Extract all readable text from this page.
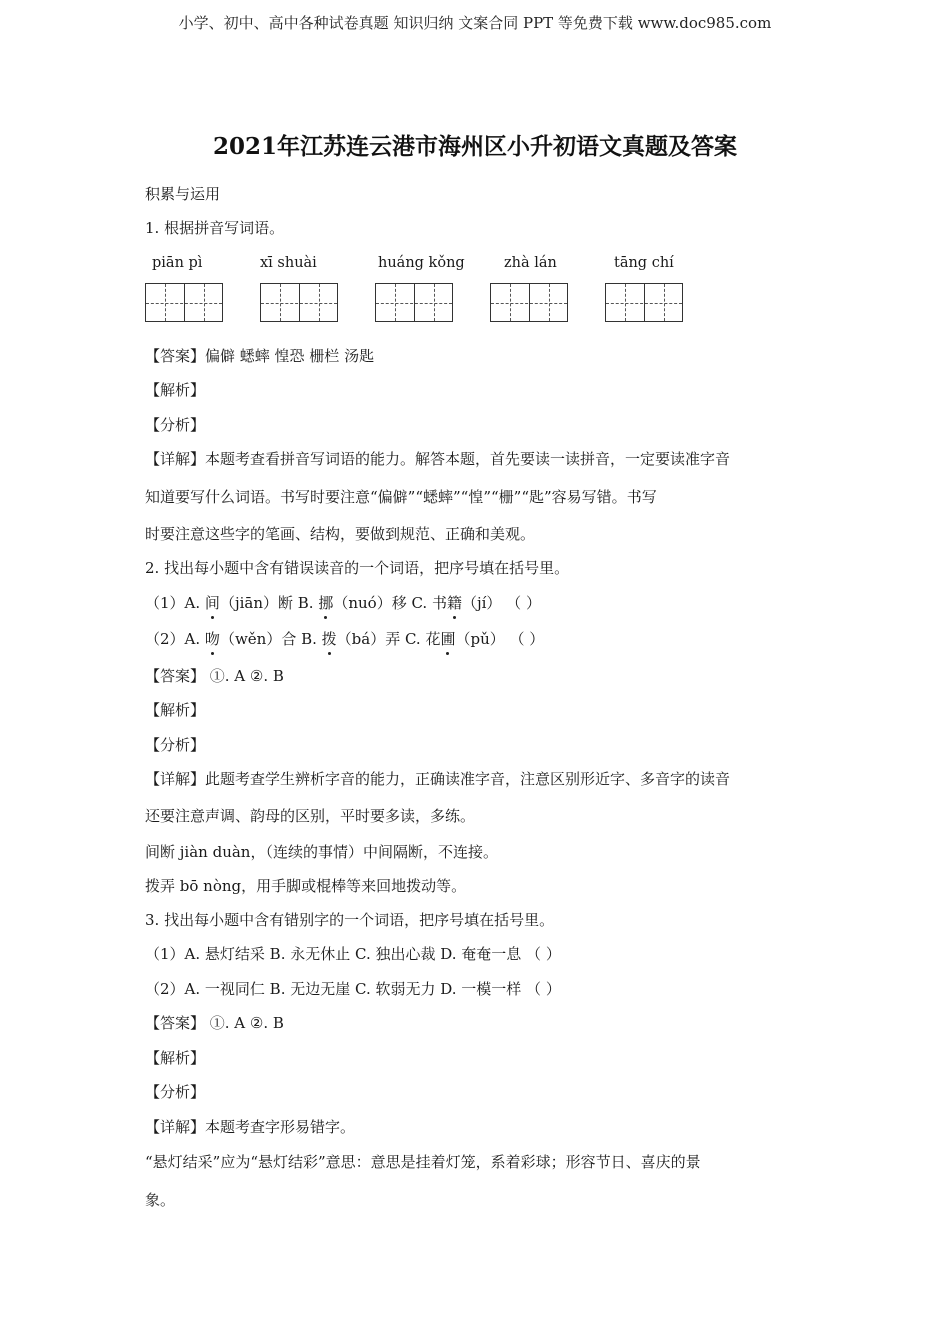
小学、初中、高中各种试卷真题 知识归纳 文案合同 PPT 等免费下载 www.doc985.com
2021年江苏连云港市海州区小升初语文真题及答案
积累与运用
1. 根据拼音写词语。
piān pì	xī shuài	huáng kǒng	zhà lán	tāng chí
【答案】偏僻 蟋蟀 惶恐 栅栏 汤匙
【解析】
【分析】
【详解】本题考查看拼音写词语的能力。解答本题，首先要读一读拼音，一定要读准字音
知道要写什么词语。书写时要注意“偏僻”“蟋蟀”“惶”“栅”“匙”容易写错。书写
时要注意这些字的笔画、结构，要做到规范、正确和美观。
2. 找出每小题中含有错误读音的一个词语，把序号填在括号里。
（1）A. 间（jiān）断 B. 挪（nuó）移 C. 书籍（jí） （ ）
（2）A. 吻（wěn）合 B. 拨（bá）弄 C. 花圃（pǔ） （ ）
【答案】 ①. A ②. B
【解析】
【分析】
【详解】此题考查学生辨析字音的能力，正确读准字音，注意区别形近字、多音字的读音
还要注意声调、韵母的区别，平时要多读，多练。
间断 jiàn duàn，（连续的事情）中间隔断，不连接。
拨弄 bō nòng，用手脚或棍棒等来回地拨动等。
3. 找出每小题中含有错别字的一个词语，把序号填在括号里。
（1）A. 悬灯结采 B. 永无休止 C. 独出心裁 D. 奄奄一息 （ ）
（2）A. 一视同仁 B. 无边无崖 C. 软弱无力 D. 一模一样 （ ）
【答案】 ①. A ②. B
【解析】
【分析】
【详解】本题考查字形易错字。
“悬灯结采”应为“悬灯结彩”意思：意思是挂着灯笼，系着彩球；形容节日、喜庆的景
象。
